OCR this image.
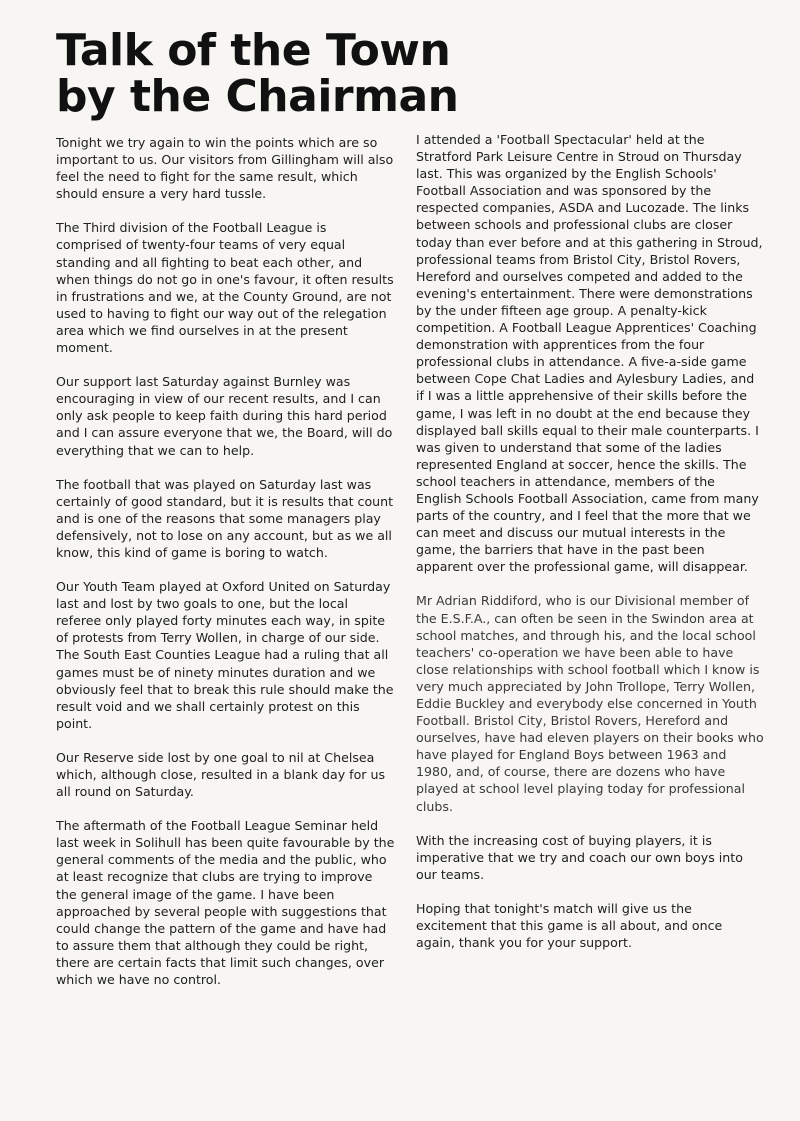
Talk of the Town
by the Chairman

Tonight we try again to win the points which are so important to us. Our visitors from Gillingham will also feel the need to fight for the same result, which should ensure a very hard tussle.

The Third division of the Football League is comprised of twenty-four teams of very equal standing and all fighting to beat each other, and when things do not go in one's favour, it often results in frustrations and we, at the County Ground, are not used to having to fight our way out of the relegation area which we find ourselves in at the present moment.

Our support last Saturday against Burnley was encouraging in view of our recent results, and I can only ask people to keep faith during this hard period and I can assure everyone that we, the Board, will do everything that we can to help.

The football that was played on Saturday last was certainly of good standard, but it is results that count and is one of the reasons that some managers play defensively, not to lose on any account, but as we all know, this kind of game is boring to watch.

Our Youth Team played at Oxford United on Saturday last and lost by two goals to one, but the local referee only played forty minutes each way, in spite of protests from Terry Wollen, in charge of our side. The South East Counties League had a ruling that all games must be of ninety minutes duration and we obviously feel that to break this rule should make the result void and we shall certainly protest on this point.

Our Reserve side lost by one goal to nil at Chelsea which, although close, resulted in a blank day for us all round on Saturday.

The aftermath of the Football League Seminar held last week in Solihull has been quite favourable by the general comments of the media and the public, who at least recognize that clubs are trying to improve the general image of the game. I have been approached by several people with suggestions that could change the pattern of the game and have had to assure them that although they could be right, there are certain facts that limit such changes, over which we have no control.

I attended a 'Football Spectacular' held at the Stratford Park Leisure Centre in Stroud on Thursday last. This was organized by the English Schools' Football Association and was sponsored by the respected companies, ASDA and Lucozade. The links between schools and professional clubs are closer today than ever before and at this gathering in Stroud, professional teams from Bristol City, Bristol Rovers, Hereford and ourselves competed and added to the evening's entertainment. There were demonstrations by the under fifteen age group. A penalty-kick competition. A Football League Apprentices' Coaching demonstration with apprentices from the four professional clubs in attendance. A five-a-side game between Cope Chat Ladies and Aylesbury Ladies, and if I was a little apprehensive of their skills before the game, I was left in no doubt at the end because they displayed ball skills equal to their male counterparts. I was given to understand that some of the ladies represented England at soccer, hence the skills. The school teachers in attendance, members of the English Schools Football Association, came from many parts of the country, and I feel that the more that we can meet and discuss our mutual interests in the game, the barriers that have in the past been apparent over the professional game, will disappear.

Mr Adrian Riddiford, who is our Divisional member of the E.S.F.A., can often be seen in the Swindon area at school matches, and through his, and the local school teachers' co-operation we have been able to have close relationships with school football which I know is very much appreciated by John Trollope, Terry Wollen, Eddie Buckley and everybody else concerned in Youth Football. Bristol City, Bristol Rovers, Hereford and ourselves, have had eleven players on their books who have played for England Boys between 1963 and 1980, and, of course, there are dozens who have played at school level playing today for professional clubs.

With the increasing cost of buying players, it is imperative that we try and coach our own boys into our teams.

Hoping that tonight's match will give us the excitement that this game is all about, and once again, thank you for your support.
